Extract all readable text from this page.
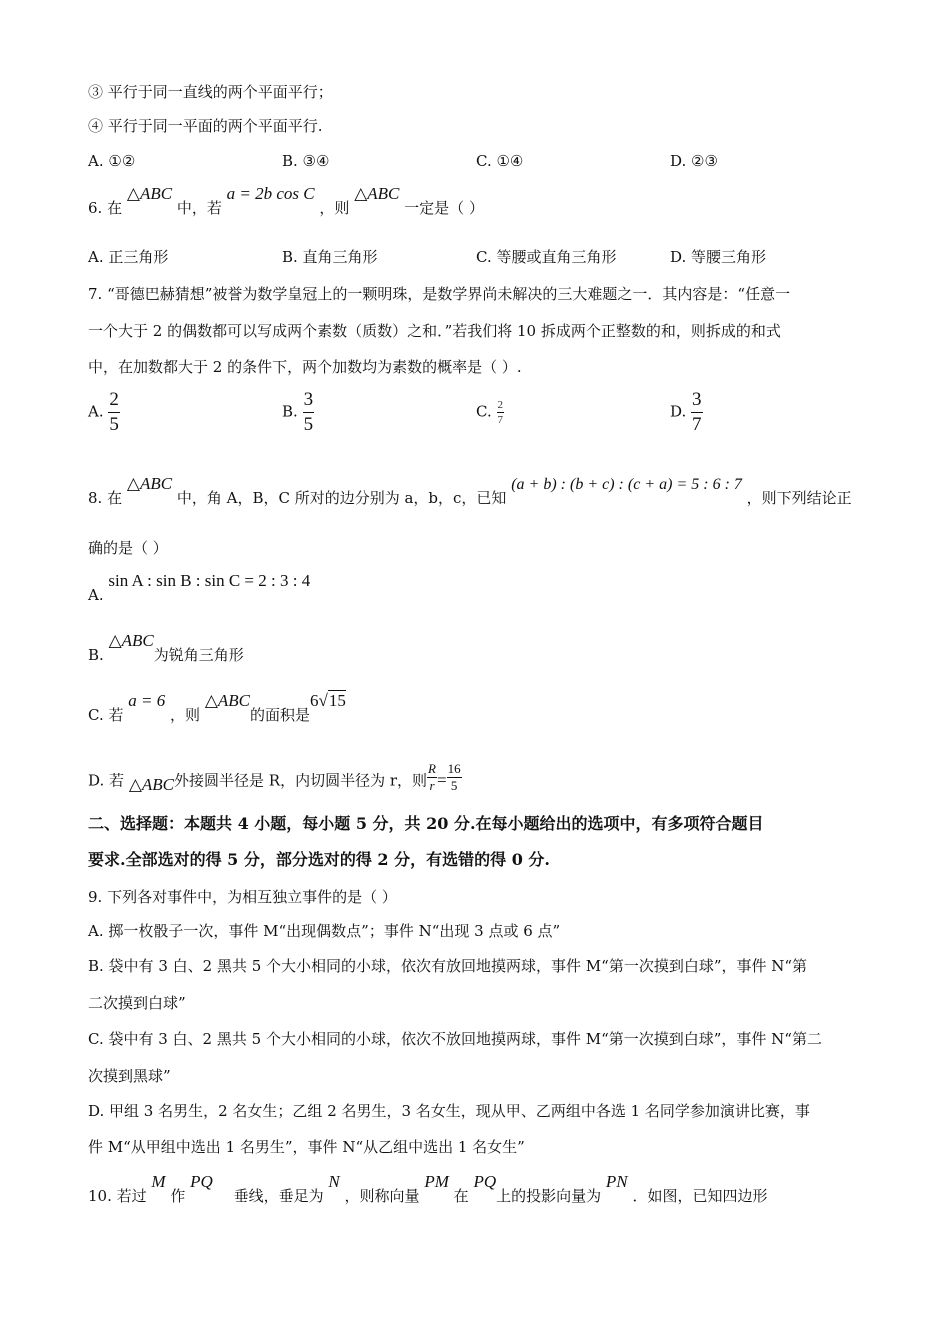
③ 平行于同一直线的两个平面平行；
④ 平行于同一平面的两个平面平行.
A. ①②	B. ③④	C. ①④	D. ②③
6. 在 △ABC 中，若 a = 2b cos C ，则 △ABC 一定是（ ）
A. 正三角形	B. 直角三角形	C. 等腰或直角三角形	D. 等腰三角形
7. “哥德巴赫猜想”被誉为数学皇冠上的一颗明珠，是数学界尚未解决的三大难题之一．其内容是：“任意一
一个大于 2 的偶数都可以写成两个素数（质数）之和．”若我们将 10 拆成两个正整数的和，则拆成的和式
中，在加数都大于 2 的条件下，两个加数均为素数的概率是（ ）.
A. $\frac{2}{5}$	B. $\frac{3}{5}$	C. $\frac{2}{7}$	D. $\frac{3}{7}$
8. 在 △ABC 中，角 A，B，C 所对的边分别为 a，b，c，已知 (a + b) : (b + c) : (c + a) = 5 : 6 : 7 ，则下列结论正
确的是（ ）
A. sin A : sin B : sin C = 2 : 3 : 4
B. △ABC为锐角三角形
C. 若 a = 6 ，则 △ABC的面积是6√15
D. 若 △ABC外接圆半径是 R，内切圆半径为 r，则 $\frac{R}{r} = \frac{16}{5}$
二、选择题：本题共 4 小题，每小题 5 分，共 20 分.在每小题给出的选项中，有多项符合题目
要求.全部选对的得 5 分，部分选对的得 2 分，有选错的得 0 分.
9. 下列各对事件中，为相互独立事件的是（ ）
A. 掷一枚骰子一次，事件 M“出现偶数点”；事件 N“出现 3 点或 6 点”
B. 袋中有 3 白、2 黑共 5 个大小相同的小球，依次有放回地摸两球，事件 M“第一次摸到白球”，事件 N“第
二次摸到白球”
C. 袋中有 3 白、2 黑共 5 个大小相同的小球，依次不放回地摸两球，事件 M“第一次摸到白球”，事件 N“第二
次摸到黑球”
D. 甲组 3 名男生，2 名女生；乙组 2 名男生，3 名女生，现从甲、乙两组中各选 1 名同学参加演讲比赛，事
件 M“从甲组中选出 1 名男生”，事件 N“从乙组中选出 1 名女生”
10. 若过 M 作 PQ 垂线，垂足为 N ，则称向量 PM 在 PQ上的投影向量为 PN ．如图，已知四边形
